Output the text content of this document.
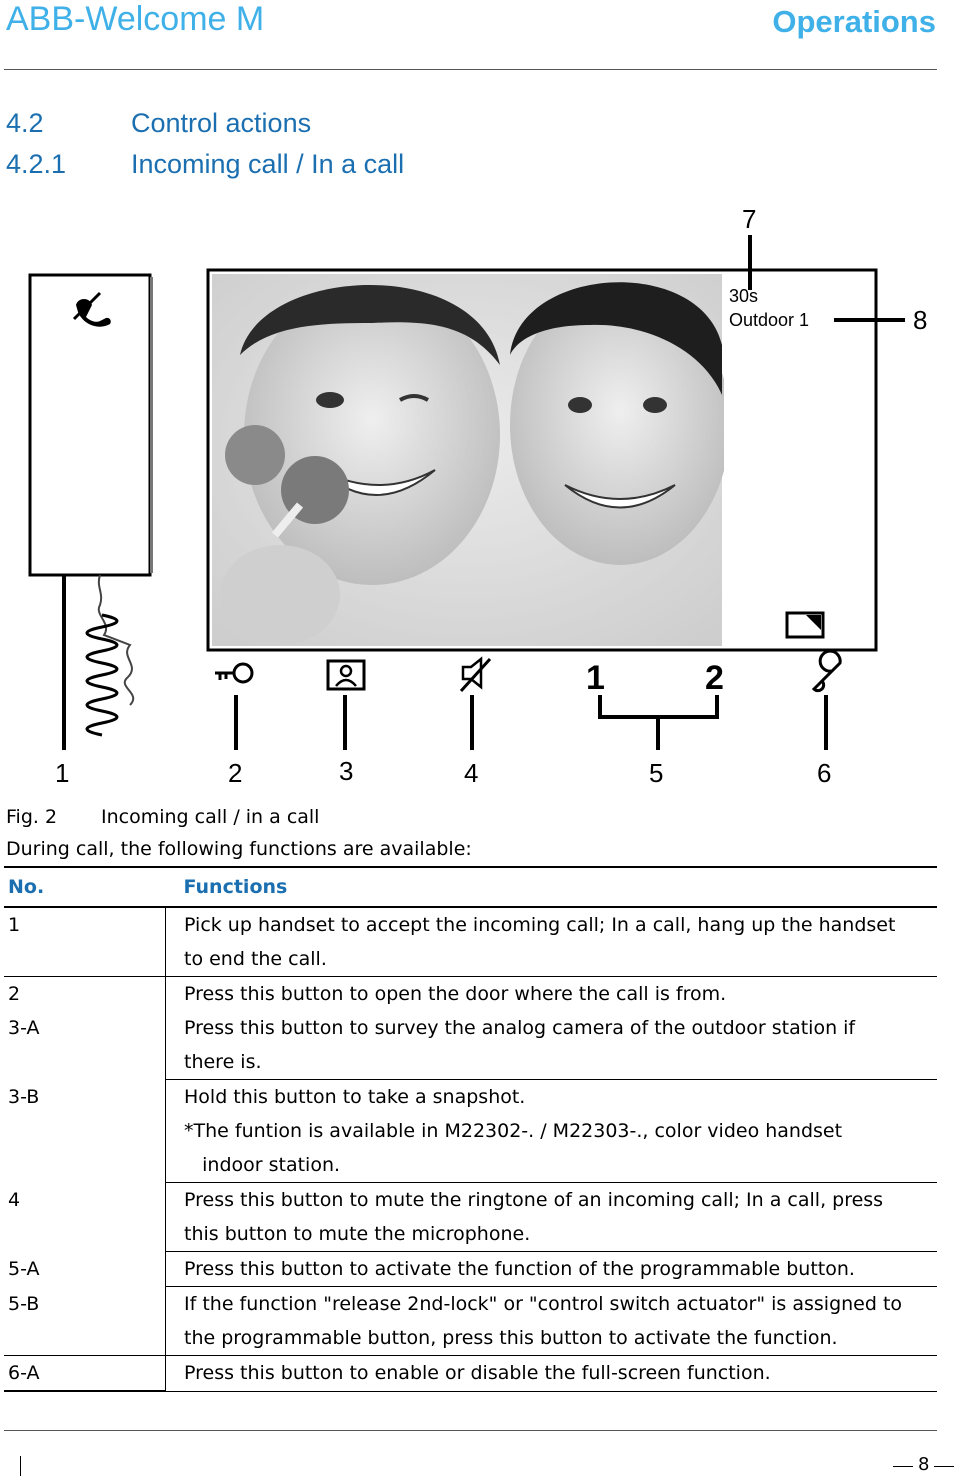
ABB-Welcome M	Operations
4.2	Control actions
4.2.1 Incoming call / In a call
30s
Outdoor 1
7
8
1	2
1	2	3	4	5	6
Fig. 2 Incoming call / in a call
During call, the following functions are available:
No.	Functions
1	Pick up handset to accept the incoming call; In a call, hang up the handset
to end the call.

2	Press this button to open the door where the call is from.

3-A	Press this button to survey the analog camera of the outdoor station if
there is.

3-B	Hold this button to take a snapshot.
*The funtion is available in M22302-. / M22303-., color video handset
indoor station.

4	Press this button to mute the ringtone of an incoming call; In a call, press
this button to mute the microphone.

5-A	Press this button to activate the function of the programmable button.

5-B	If the function "release 2nd-lock" or "control switch actuator" is assigned to
the programmable button, press this button to activate the function.

6-A	Press this button to enable or disable the full-screen function.
8
